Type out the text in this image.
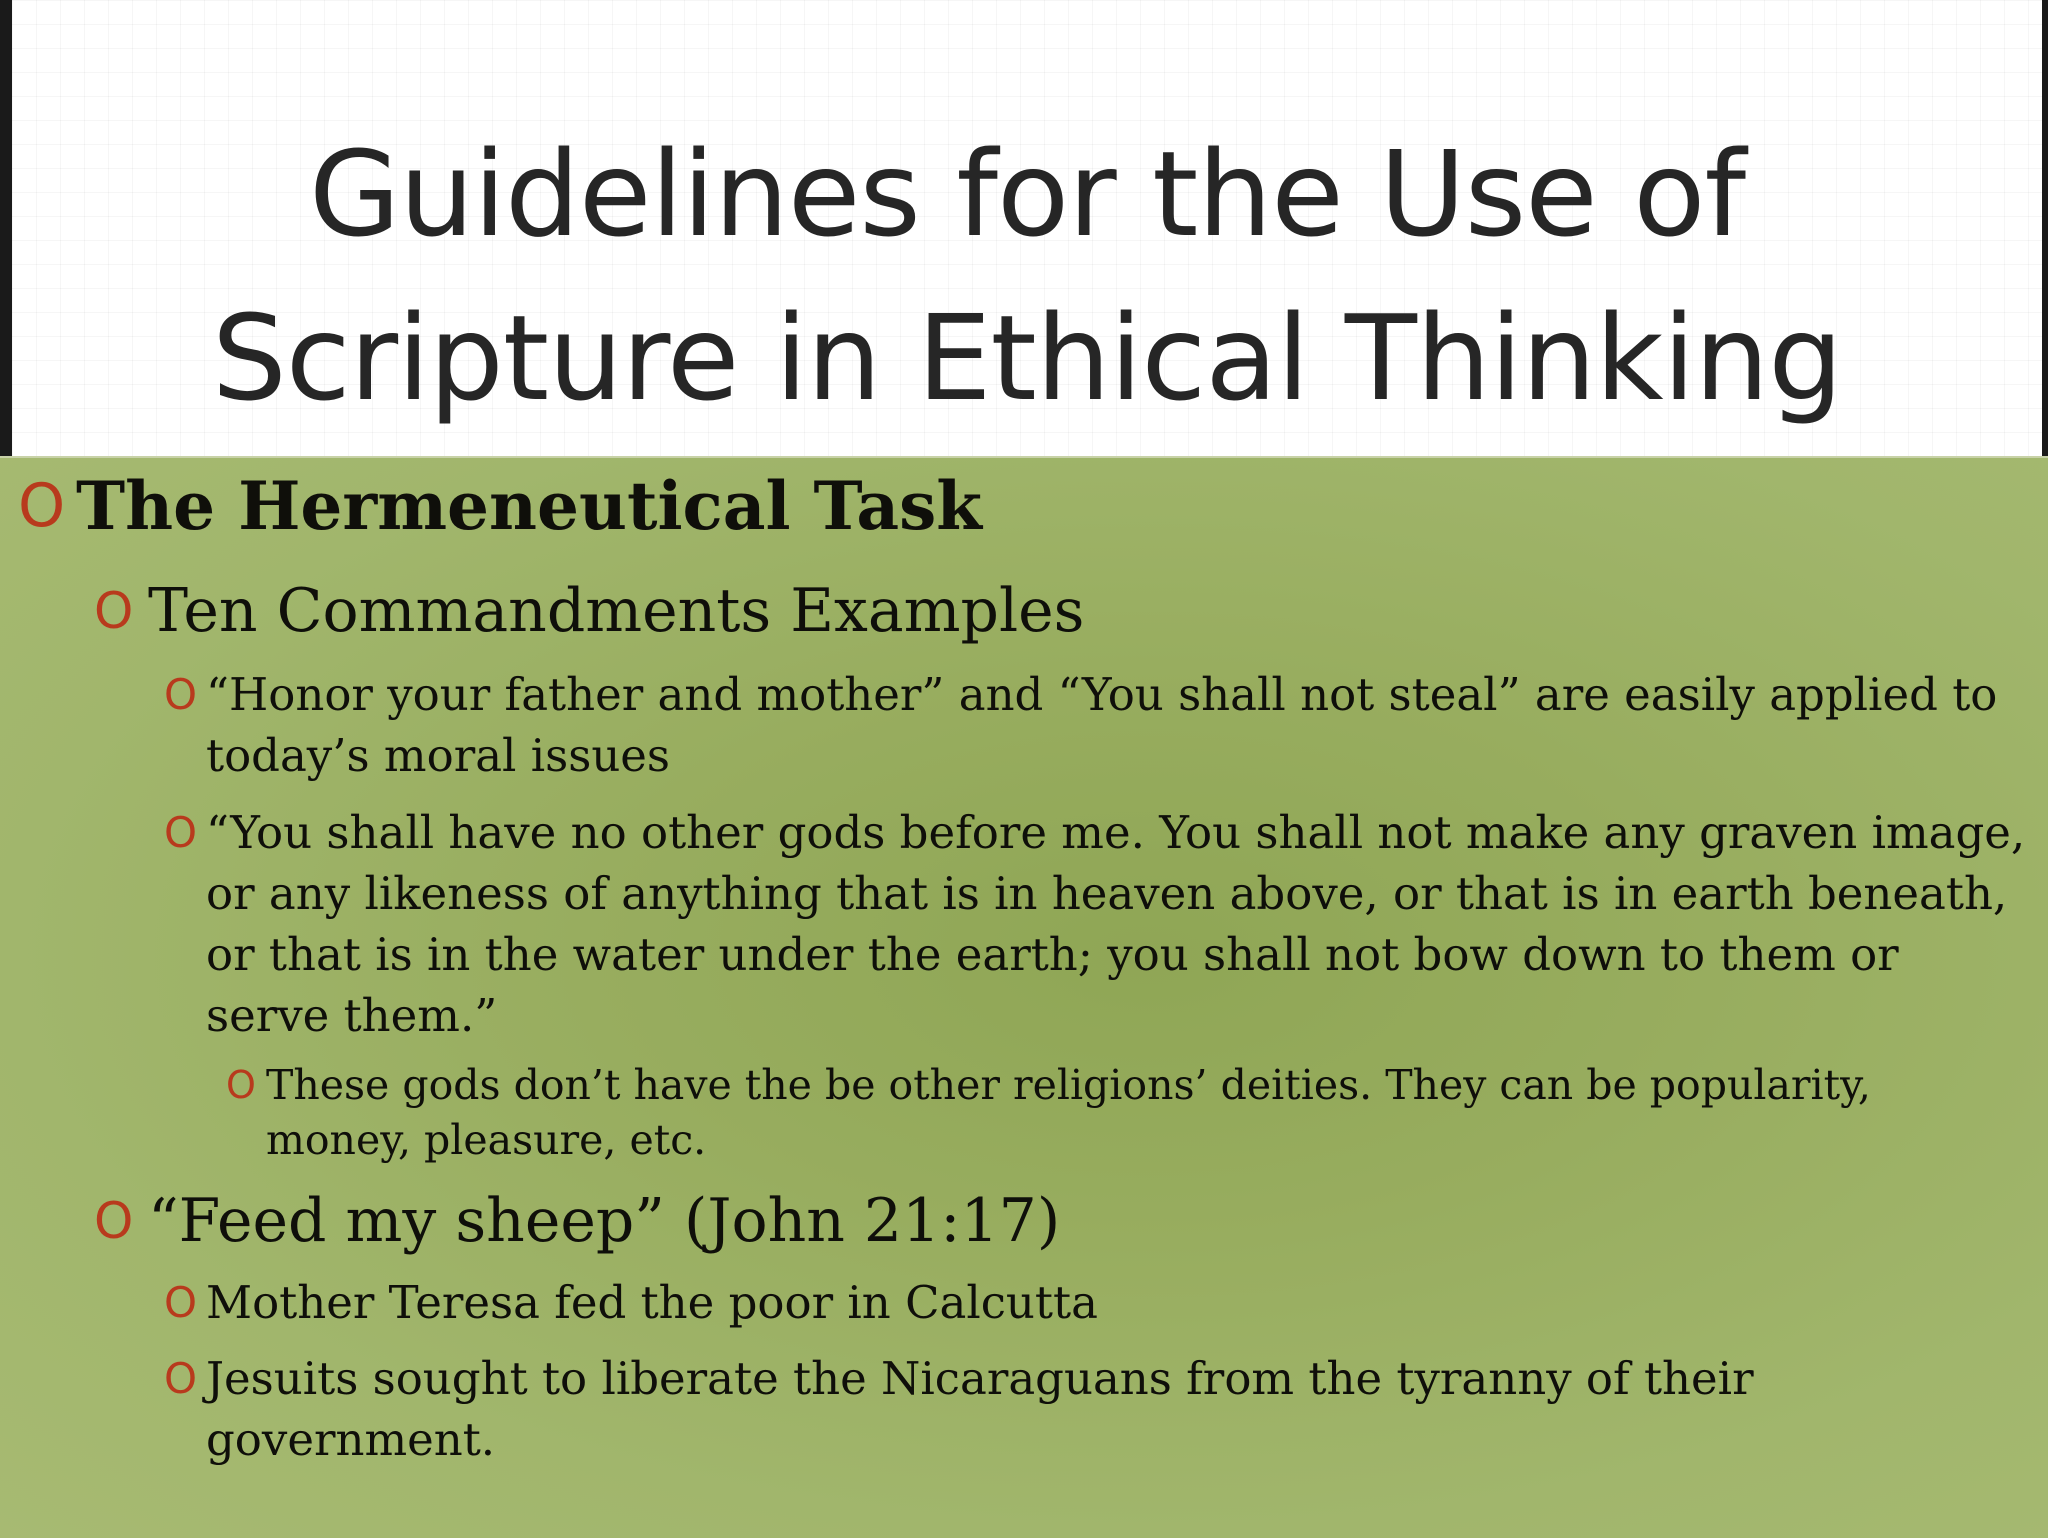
Guidelines for the Use of
Scripture in Ethical Thinking
O The Hermeneutical Task
O Ten Commandments Examples
O “Honor your father and mother” and “You shall not steal” are easily applied to today’s moral issues
O “You shall have no other gods before me. You shall not make any graven image, or any likeness of anything that is in heaven above, or that is in earth beneath, or that is in the water under the earth; you shall not bow down to them or serve them.”
O These gods don’t have the be other religions’ deities. They can be popularity, money, pleasure, etc.
O “Feed my sheep” (John 21:17)
O Mother Teresa fed the poor in Calcutta
O Jesuits sought to liberate the Nicaraguans from the tyranny of their government.
